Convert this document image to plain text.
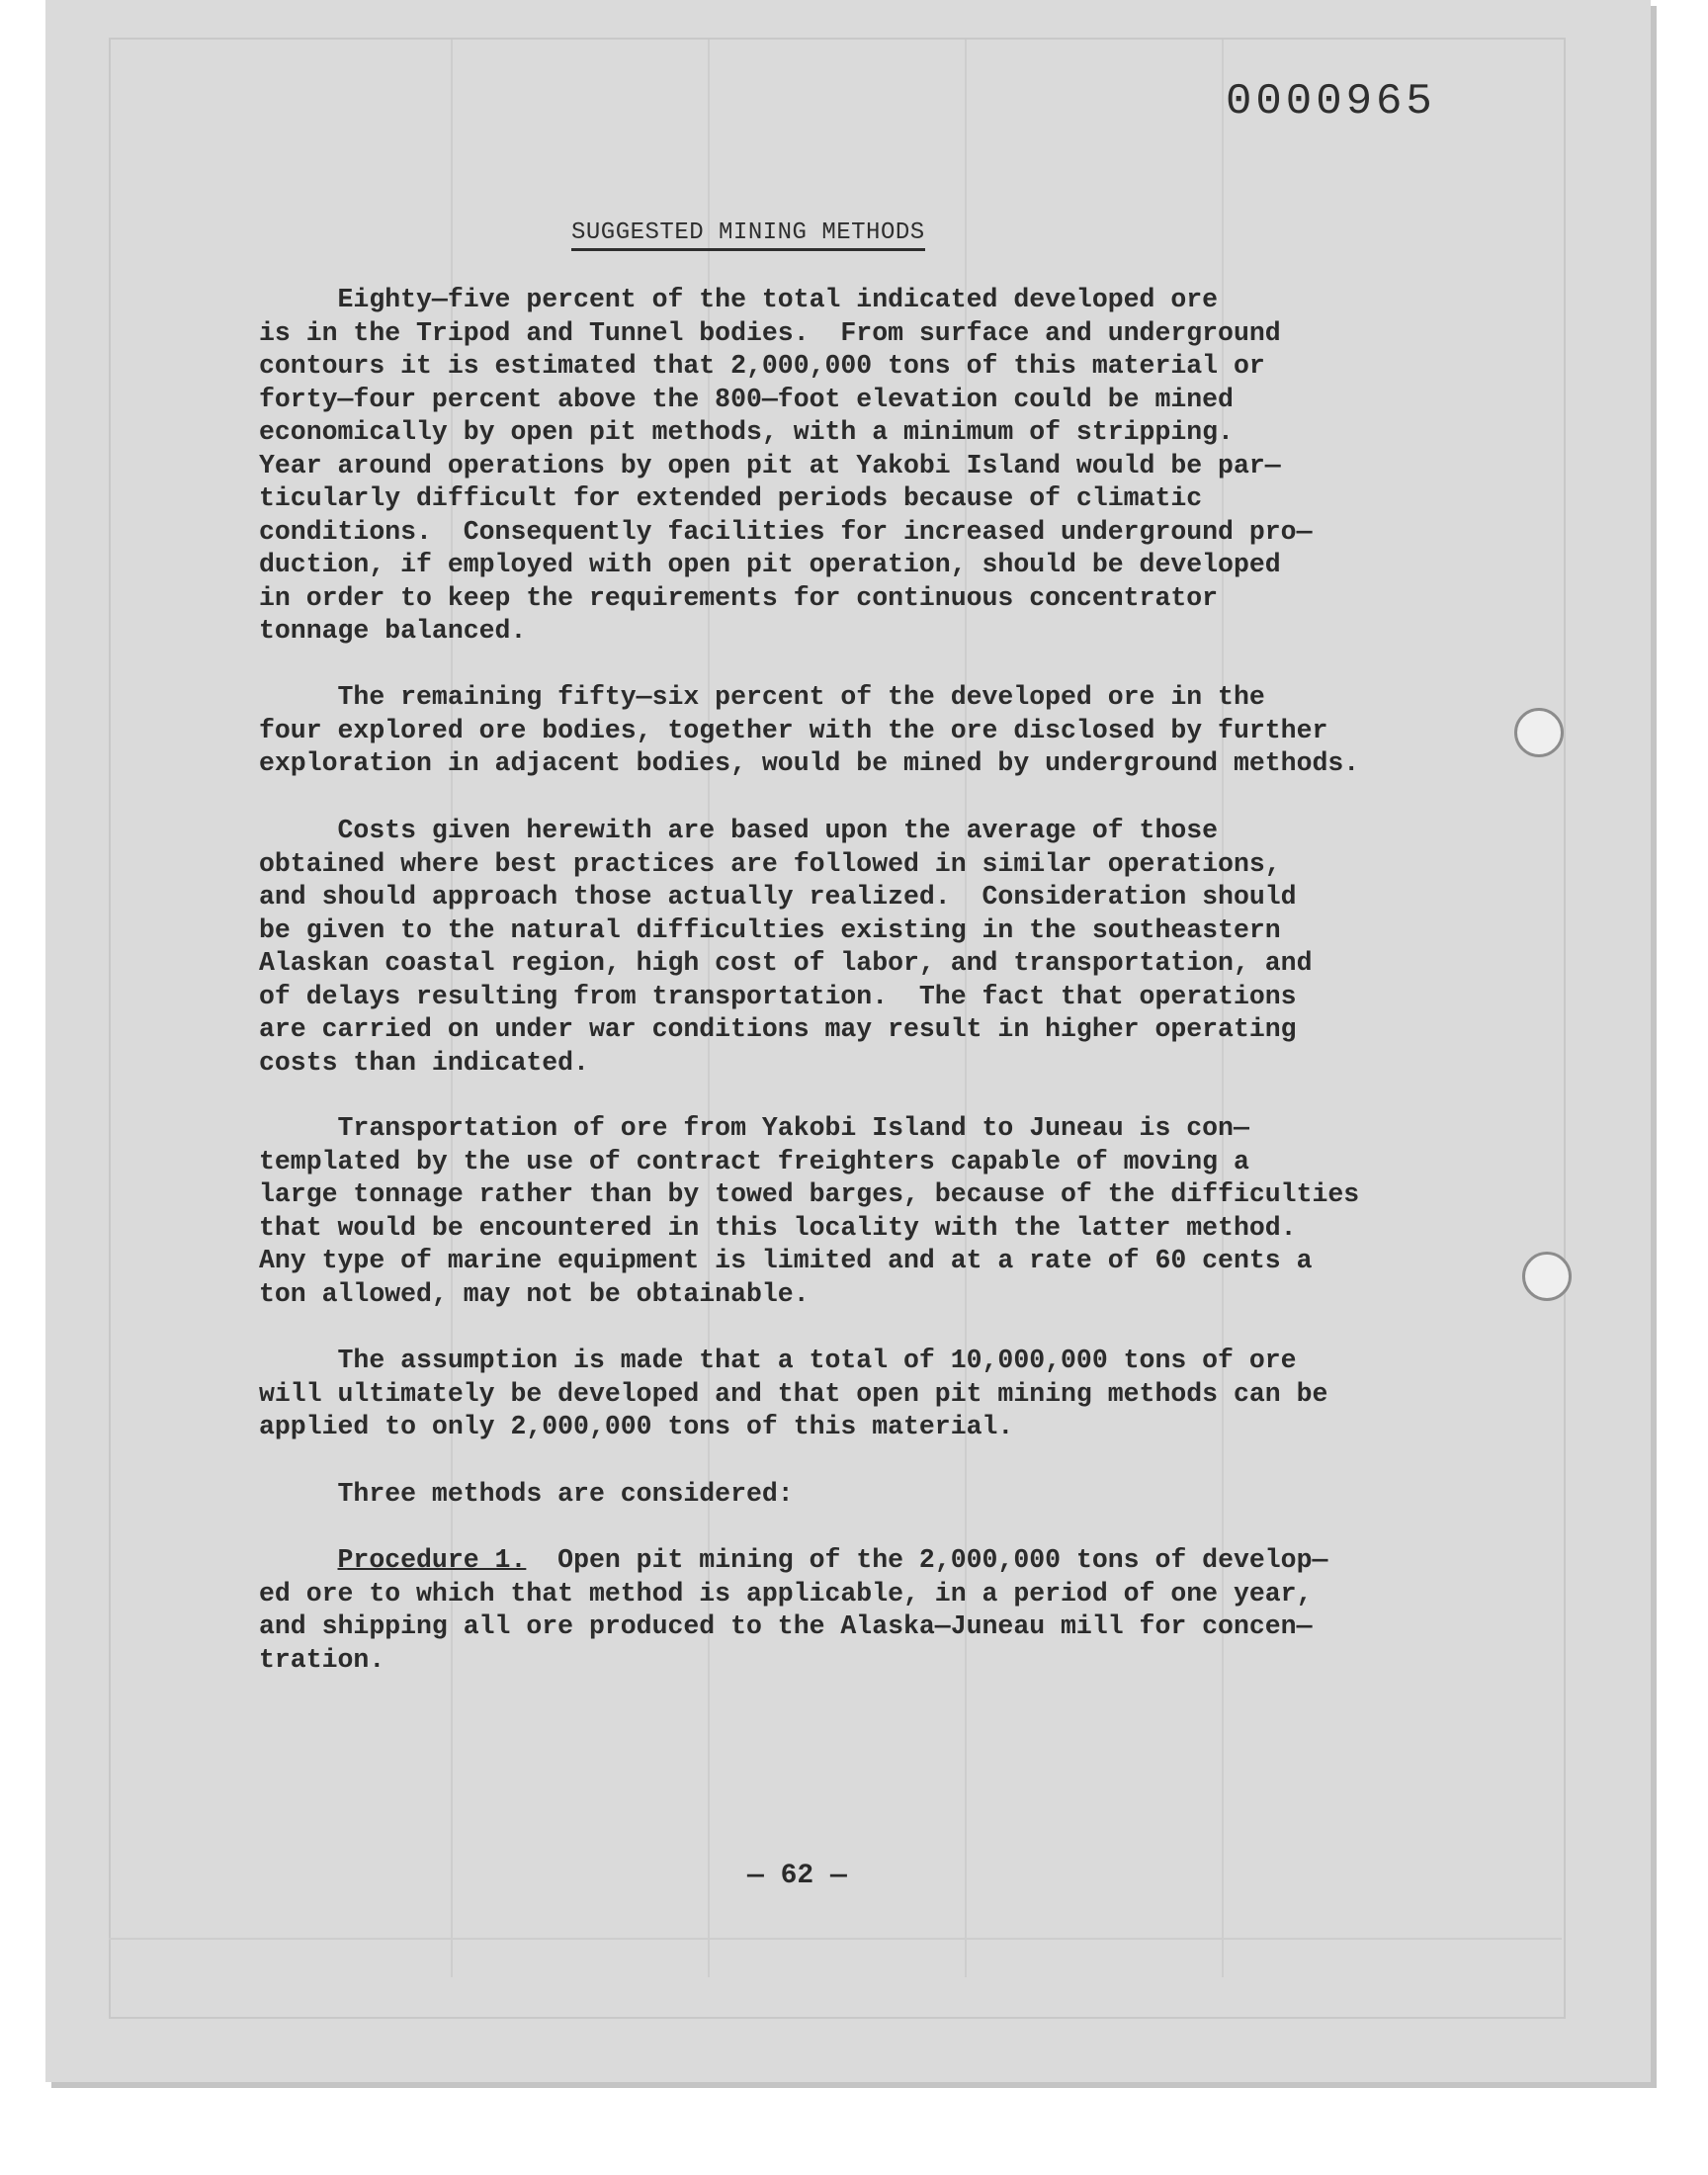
0000965
SUGGESTED MINING METHODS

Eighty—five percent of the total indicated developed ore
is in the Tripod and Tunnel bodies.  From surface and underground
contours it is estimated that 2,000,000 tons of this material or
forty—four percent above the 800—foot elevation could be mined
economically by open pit methods, with a minimum of stripping.
Year around operations by open pit at Yakobi Island would be par—
ticularly difficult for extended periods because of climatic
conditions.  Consequently facilities for increased underground pro—
duction, if employed with open pit operation, should be developed
in order to keep the requirements for continuous concentrator
tonnage balanced.

The remaining fifty—six percent of the developed ore in the
four explored ore bodies, together with the ore disclosed by further
exploration in adjacent bodies, would be mined by underground methods.

Costs given herewith are based upon the average of those
obtained where best practices are followed in similar operations,
and should approach those actually realized.  Consideration should
be given to the natural difficulties existing in the southeastern
Alaskan coastal region, high cost of labor, and transportation, and
of delays resulting from transportation.  The fact that operations
are carried on under war conditions may result in higher operating
costs than indicated.

Transportation of ore from Yakobi Island to Juneau is con—
templated by the use of contract freighters capable of moving a
large tonnage rather than by towed barges, because of the difficulties
that would be encountered in this locality with the latter method.
Any type of marine equipment is limited and at a rate of 60 cents a
ton allowed, may not be obtainable.

The assumption is made that a total of 10,000,000 tons of ore
will ultimately be developed and that open pit mining methods can be
applied to only 2,000,000 tons of this material.

Three methods are considered:

Procedure 1.  Open pit mining of the 2,000,000 tons of develop—
ed ore to which that method is applicable, in a period of one year,
and shipping all ore produced to the Alaska—Juneau mill for concen—
tration.

— 62 —
